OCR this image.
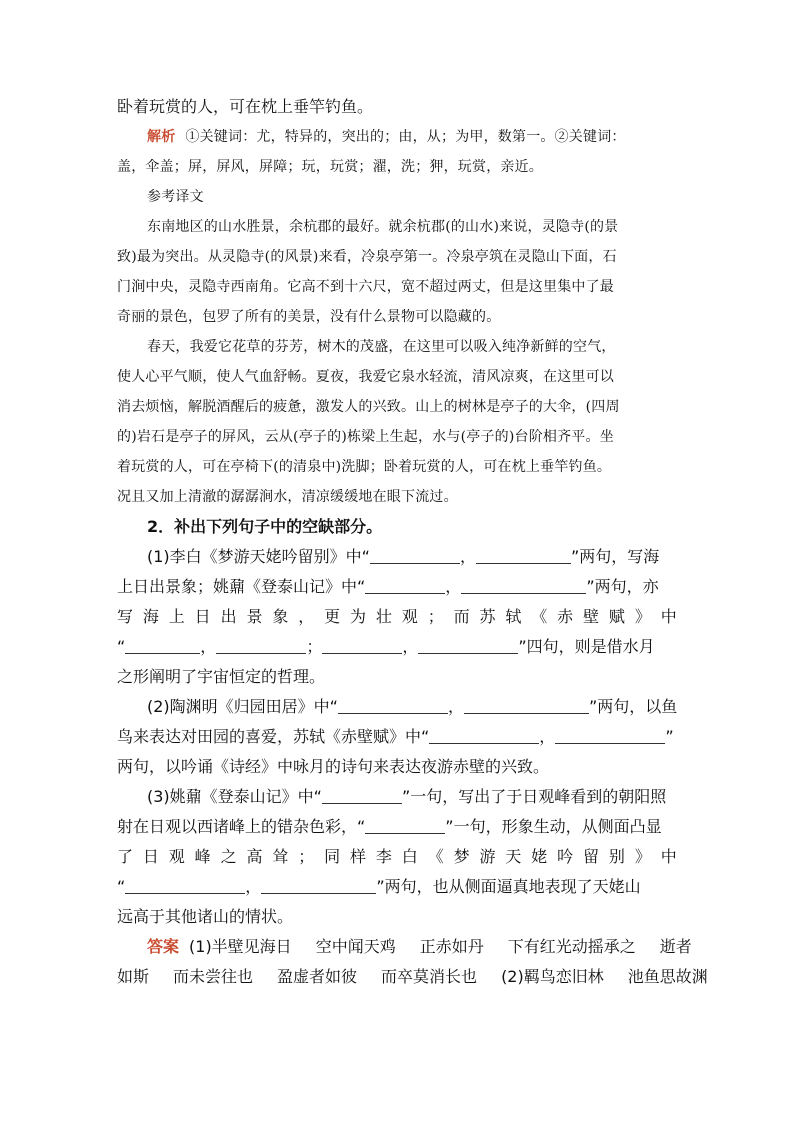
卧着玩赏的人，可在枕上垂竿钓鱼。

解析 ①关键词：尤，特异的，突出的；由，从；为甲，数第一。②关键词：

盖，伞盖；屏，屏风，屏障；玩，玩赏；濯，洗；狎，玩赏，亲近。

参考译文

东南地区的山水胜景，余杭郡的最好。就余杭郡(的山水)来说，灵隐寺(的景

致)最为突出。从灵隐寺(的风景)来看，冷泉亭第一。冷泉亭筑在灵隐山下面，石

门涧中央，灵隐寺西南角。它高不到十六尺，宽不超过两丈，但是这里集中了最

奇丽的景色，包罗了所有的美景，没有什么景物可以隐藏的。

春天，我爱它花草的芬芳，树木的茂盛，在这里可以吸入纯净新鲜的空气，

使人心平气顺，使人气血舒畅。夏夜，我爱它泉水轻流，清风凉爽，在这里可以

消去烦恼，解脱酒醒后的疲惫，激发人的兴致。山上的树林是亭子的大伞，(四周

的)岩石是亭子的屏风，云从(亭子的)栋梁上生起，水与(亭子的)台阶相齐平。坐

着玩赏的人，可在亭椅下(的清泉中)洗脚；卧着玩赏的人，可在枕上垂竿钓鱼。

况且又加上清澈的潺潺涧水，清凉缓缓地在眼下流过。

2．补出下列句子中的空缺部分。

(1)李白《梦游天姥吟留别》中“	，	”两句，写海

上日出景象；姚鼐《登泰山记》中“	，	”两句，亦

写 海 上 日 出 景 象 ， 更 为 壮 观 ； 而 苏 轼 《 赤 壁 赋 》 中

“	，	；	，	”四句，则是借水月

之形阐明了宇宙恒定的哲理。

(2)陶渊明《归园田居》中“	，	”两句，以鱼

鸟来表达对田园的喜爱，苏轼《赤壁赋》中“	，	”

两句，以吟诵《诗经》中咏月的诗句来表达夜游赤壁的兴致。

(3)姚鼐《登泰山记》中“	”一句，写出了于日观峰看到的朝阳照

射在日观以西诸峰上的错杂色彩，“	”一句，形象生动，从侧面凸显

了 日 观 峰 之 高 耸 ； 同 样 李 白 《 梦 游 天 姥 吟 留 别 》 中

“	，	”两句，也从侧面逼真地表现了天姥山

远高于其他诸山的情状。

答案 (1)半壁见海日 空中闻天鸡 正赤如丹 下有红光动摇承之 逝者

如斯 而未尝往也 盈虚者如彼 而卒莫消长也 (2)羁鸟恋旧林 池鱼思故渊
